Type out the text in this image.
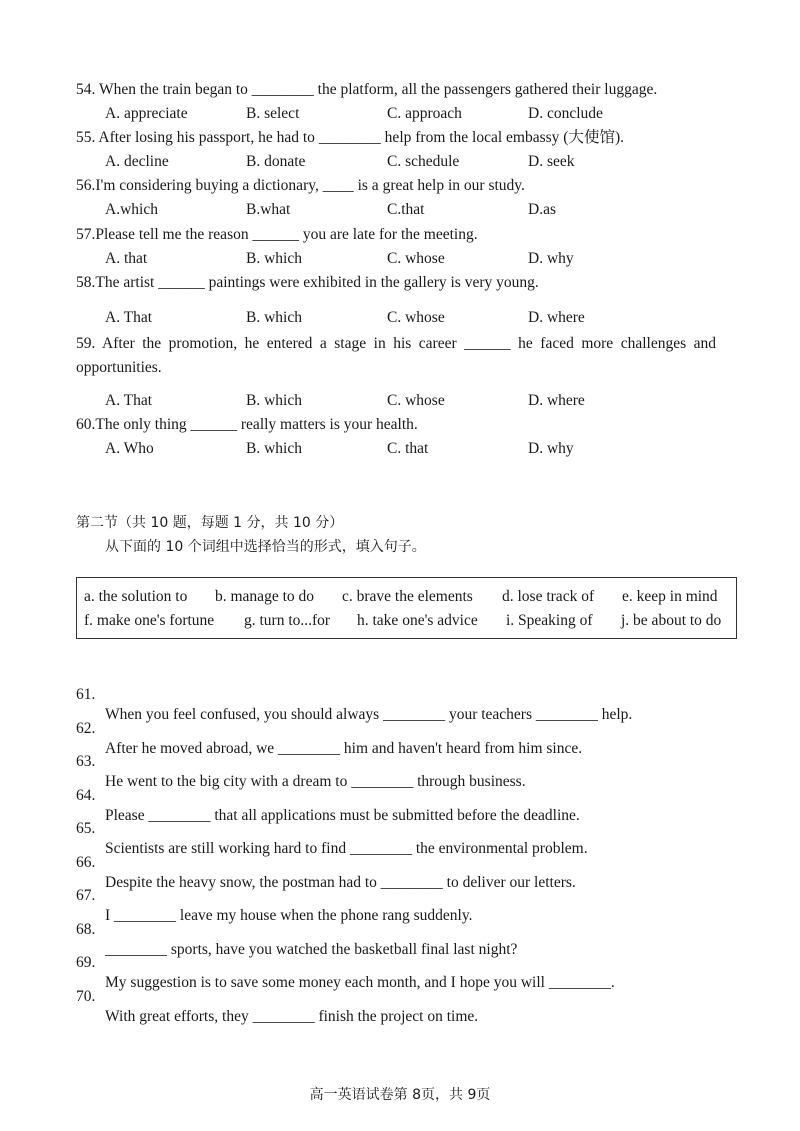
54. When the train began to ________ the platform, all the passengers gathered their luggage.
A. appreciate	B. select	C. approach	D. conclude
55. After losing his passport, he had to ________ help from the local embassy (大使馆).
A. decline	B. donate	C. schedule	D. seek
56.I'm considering buying a dictionary, ____ is a great help in our study.
A.which	B.what	C.that	D.as
57.Please tell me the reason ______ you are late for the meeting.
A. that	B. which	C. whose	D. why
58.The artist ______ paintings were exhibited in the gallery is very young.
A. That	B. which	C. whose	D. where
59. After the promotion, he entered a stage in his career ______ he faced more challenges and opportunities.
A. That	B. which	C. whose	D. where
60.The only thing ______ really matters is your health.
A. Who	B. which	C. that	D. why
第二节（共 10 题，每题 1 分，共 10 分）
从下面的 10 个词组中选择恰当的形式，填入句子。
a. the solution to b. manage to do c. brave the elements d. lose track of e. keep in mind
f. make one's fortune g. turn to...for h. take one's advice i. Speaking of j. be about to do

61.

When you feel confused, you should always ________ your teachers ________ help.

62.

After he moved abroad, we ________ him and haven't heard from him since.

63.

He went to the big city with a dream to ________ through business.

64.

Please ________ that all applications must be submitted before the deadline.

65.

Scientists are still working hard to find ________ the environmental problem.

66.

Despite the heavy snow, the postman had to ________ to deliver our letters.

67.

I ________ leave my house when the phone rang suddenly.

68.

________ sports, have you watched the basketball final last night?

69.

My suggestion is to save some money each month, and I hope you will ________.

70.

With great efforts, they ________ finish the project on time.

高一英语试卷第 8页，共 9页
